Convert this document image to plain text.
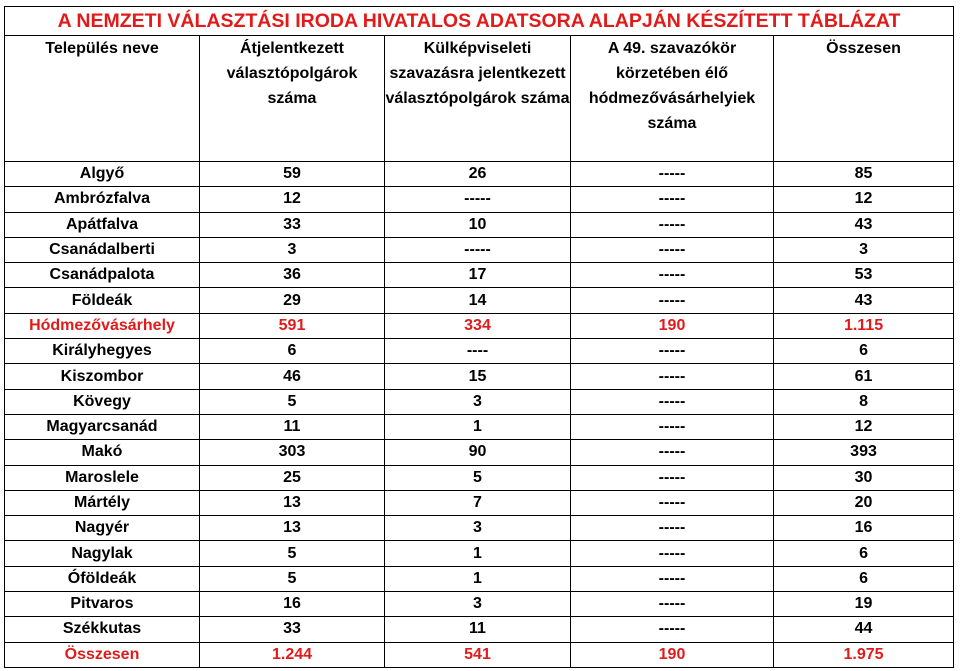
A NEMZETI VÁLASZTÁSI IRODA HIVATALOS ADATSORA ALAPJÁN KÉSZÍTETT TÁBLÁZAT				
Település neve	Átjelentkezett választópolgárok száma	Külképviseleti szavazásra jelentkezett választópolgárok száma	A 49. szavazókör körzetében élő hódmezővásárhelyiek száma	Összesen
Algyő	59	26	-----	85
Ambrózfalva	12	-----	-----	12
Apátfalva	33	10	-----	43
Csanádalberti	3	-----	-----	3
Csanádpalota	36	17	-----	53
Földeák	29	14	-----	43
Hódmezővásárhely	591	334	190	1.115
Királyhegyes	6	----	-----	6
Kiszombor	46	15	-----	61
Kövegy	5	3	-----	8
Magyarcsanád	11	1	-----	12
Makó	303	90	-----	393
Maroslele	25	5	-----	30
Mártély	13	7	-----	20
Nagyér	13	3	-----	16
Nagylak	5	1	-----	6
Óföldeák	5	1	-----	6
Pitvaros	16	3	-----	19
Székkutas	33	11	-----	44
Összesen	1.244	541	190	1.975
